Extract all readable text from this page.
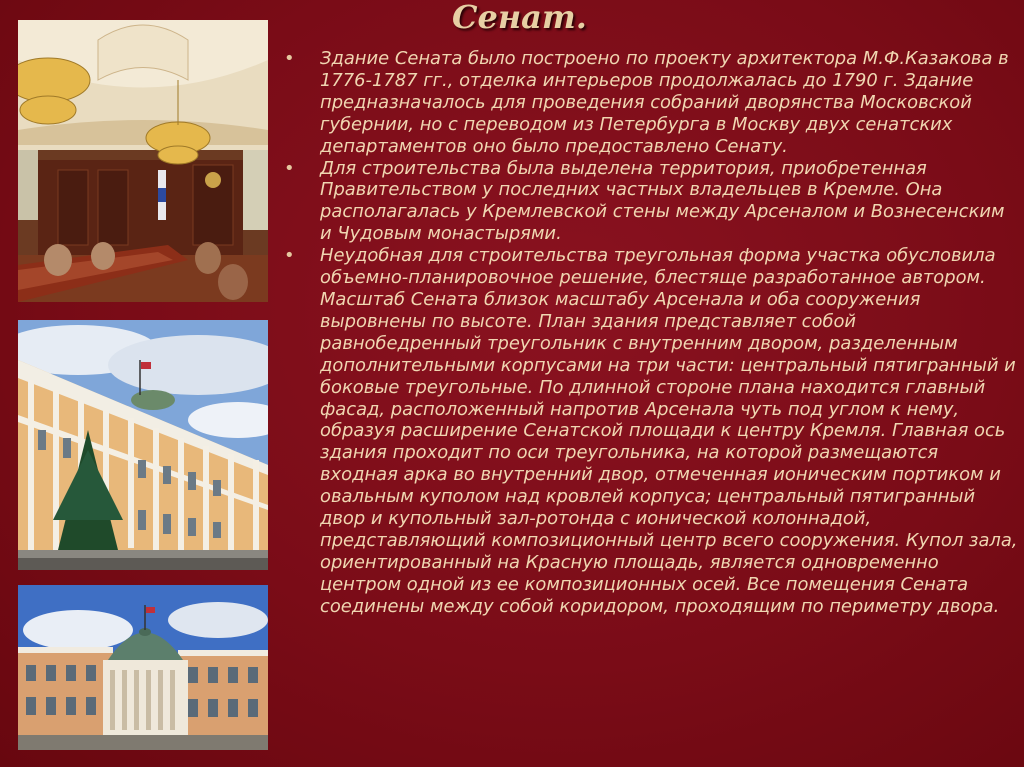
Сенат.
• Здание Сената было построено по проекту архитектора М.Ф.Казакова в 1776-1787 гг., отделка интерьеров продолжалась до 1790 г. Здание предназначалось для проведения собраний дворянства Московской губернии, но с переводом из Петербурга в Москву двух сенатских департаментов оно было предоставлено Сенату.
• Для строительства была выделена территория, приобретенная Правительством у последних частных владельцев в Кремле. Она располагалась у Кремлевской стены между Арсеналом и Вознесенским и Чудовым монастырями.
• Неудобная для строительства треугольная форма участка обусловила объемно-планировочное решение, блестяще разработанное автором. Масштаб Сената близок масштабу Арсенала и оба сооружения выровнены по высоте. План здания представляет собой равнобедренный треугольник с внутренним двором, разделенным дополнительными корпусами на три части: центральный пятигранный и боковые треугольные. По длинной стороне плана находится главный фасад, расположенный напротив Арсенала чуть под углом к нему, образуя расширение Сенатской площади к центру Кремля. Главная ось здания проходит по оси треугольника, на которой размещаются входная арка во внутренний двор, отмеченная ионическим портиком и овальным куполом над кровлей корпуса; центральный пятигранный двор и купольный зал-ротонда с ионической колоннадой, представляющий композиционный центр всего сооружения. Купол зала, ориентированный на Красную площадь, является одновременно центром одной из ее композиционных осей. Все помещения Сената соединены между собой коридором, проходящим по периметру двора.
